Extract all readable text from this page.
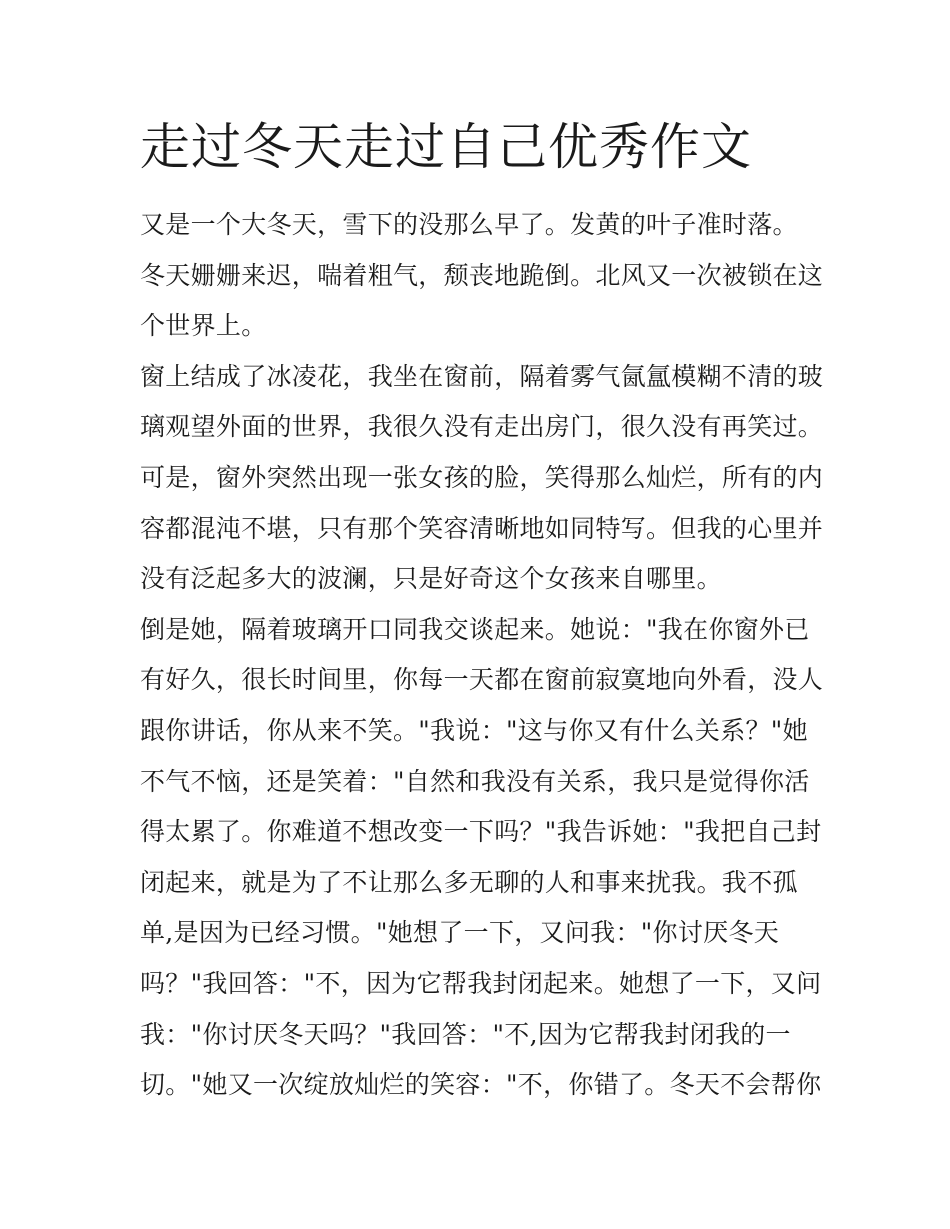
走过冬天走过自己优秀作文
又是一个大冬天，雪下的没那么早了。发黄的叶子准时落。
冬天姗姗来迟，喘着粗气，颓丧地跪倒。北风又一次被锁在这
个世界上。
窗上结成了冰凌花，我坐在窗前，隔着雾气氤氲模糊不清的玻
璃观望外面的世界，我很久没有走出房门，很久没有再笑过。
可是，窗外突然出现一张女孩的脸，笑得那么灿烂，所有的内
容都混沌不堪，只有那个笑容清晰地如同特写。但我的心里并
没有泛起多大的波澜，只是好奇这个女孩来自哪里。
倒是她，隔着玻璃开口同我交谈起来。她说："我在你窗外已
有好久，很长时间里，你每一天都在窗前寂寞地向外看，没人
跟你讲话，你从来不笑。"我说："这与你又有什么关系？"她
不气不恼，还是笑着："自然和我没有关系，我只是觉得你活
得太累了。你难道不想改变一下吗？"我告诉她："我把自己封
闭起来，就是为了不让那么多无聊的人和事来扰我。我不孤
单,是因为已经习惯。"她想了一下，又问我："你讨厌冬天
吗？"我回答："不，因为它帮我封闭起来。她想了一下，又问
我："你讨厌冬天吗？"我回答："不,因为它帮我封闭我的一
切。"她又一次绽放灿烂的笑容："不，你错了。冬天不会帮你
